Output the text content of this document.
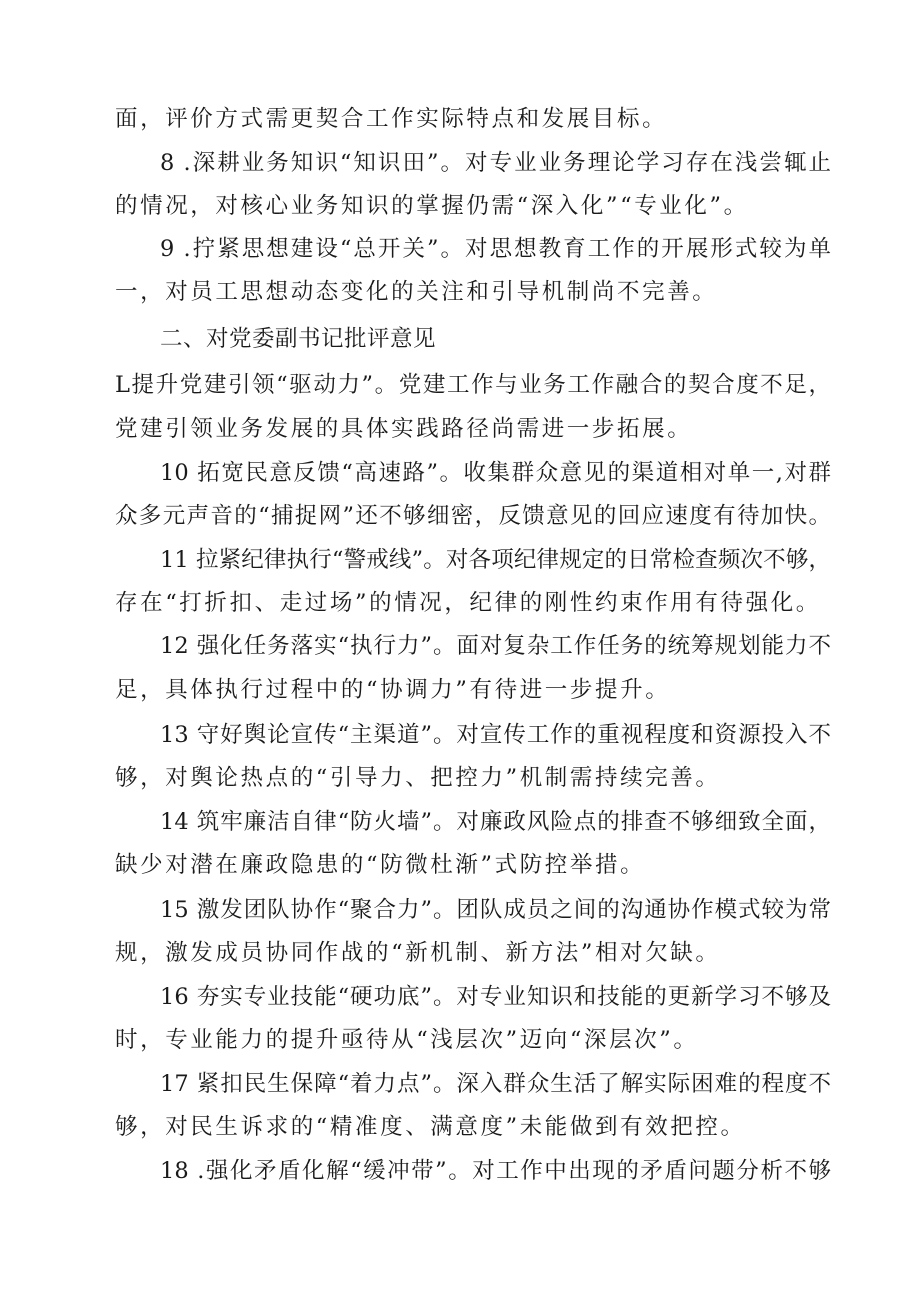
面，评价方式需更契合工作实际特点和发展目标。
8 .深耕业务知识“知识田”。对专业业务理论学习存在浅尝辄止
的情况，对核心业务知识的掌握仍需“深入化”“专业化”。
9 .拧紧思想建设“总开关”。对思想教育工作的开展形式较为单
一，对员工思想动态变化的关注和引导机制尚不完善。
二、对党委副书记批评意见
L提升党建引领“驱动力”。党建工作与业务工作融合的契合度不足，
党建引领业务发展的具体实践路径尚需进一步拓展。
10 拓宽民意反馈“高速路”。收集群众意见的渠道相对单一,对群
众多元声音的“捕捉网”还不够细密，反馈意见的回应速度有待加快。
11 拉紧纪律执行“警戒线”。对各项纪律规定的日常检查频次不够，
存在“打折扣、走过场”的情况，纪律的刚性约束作用有待强化。
12 强化任务落实“执行力”。面对复杂工作任务的统筹规划能力不
足，具体执行过程中的“协调力”有待进一步提升。
13 守好舆论宣传“主渠道”。对宣传工作的重视程度和资源投入不
够，对舆论热点的“引导力、把控力”机制需持续完善。
14 筑牢廉洁自律“防火墙”。对廉政风险点的排查不够细致全面，
缺少对潜在廉政隐患的“防微杜渐”式防控举措。
15 激发团队协作“聚合力”。团队成员之间的沟通协作模式较为常
规，激发成员协同作战的“新机制、新方法”相对欠缺。
16 夯实专业技能“硬功底”。对专业知识和技能的更新学习不够及
时，专业能力的提升亟待从“浅层次”迈向“深层次”。
17 紧扣民生保障“着力点”。深入群众生活了解实际困难的程度不
够，对民生诉求的“精准度、满意度”未能做到有效把控。
18 .强化矛盾化解“缓冲带”。对工作中出现的矛盾问题分析不够
